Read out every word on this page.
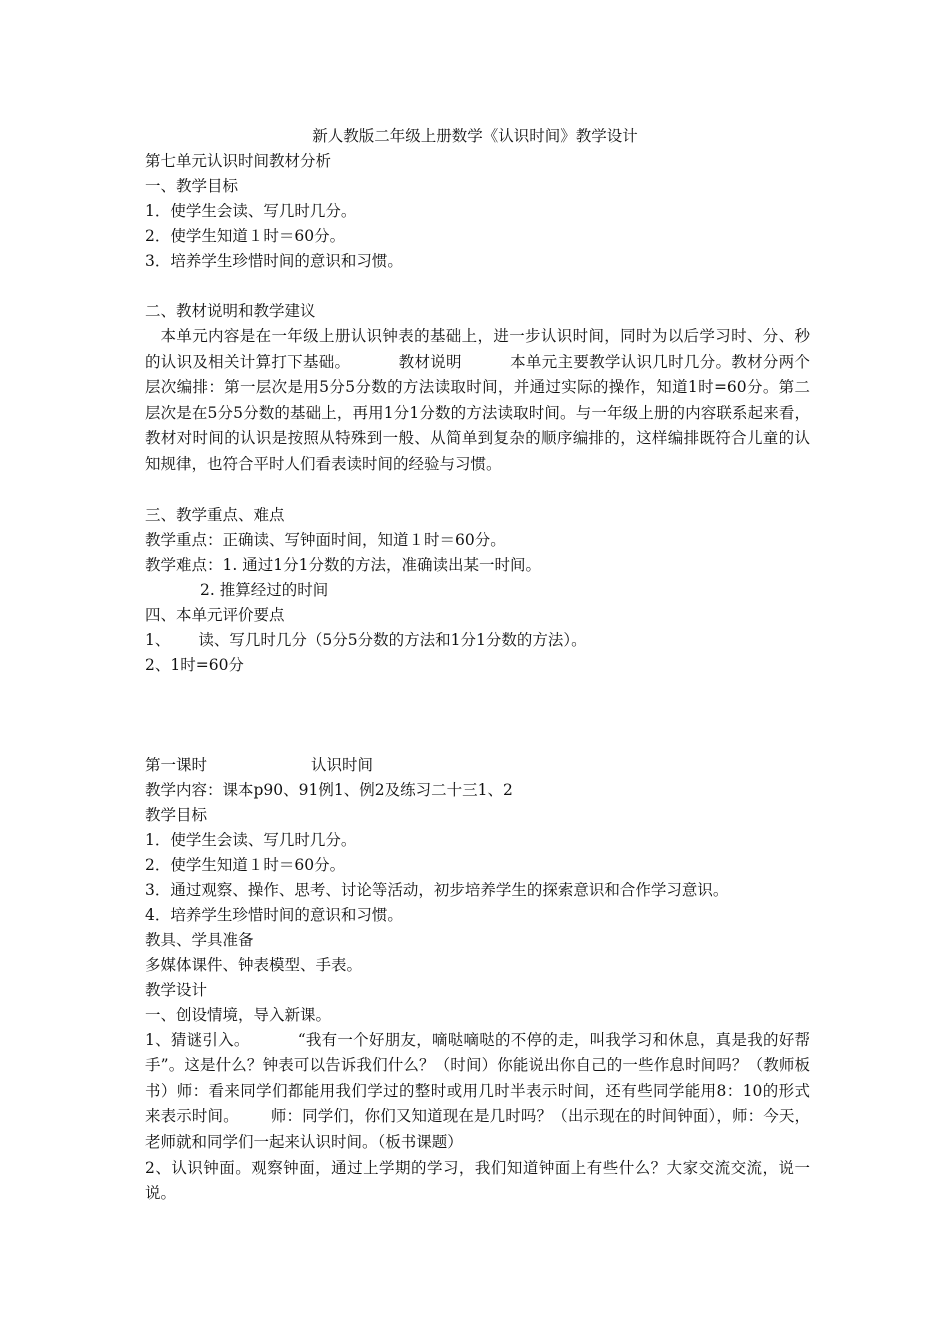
新人教版二年级上册数学《认识时间》教学设计
第七单元认识时间教材分析
一、教学目标
1．使学生会读、写几时几分。
2．使学生知道１时＝60分。
3．培养学生珍惜时间的意识和习惯。
二、教材说明和教学建议
本单元内容是在一年级上册认识钟表的基础上，进一步认识时间，同时为以后学习时、分、秒的认识及相关计算打下基础。	教材说明	本单元主要教学认识几时几分。教材分两个层次编排：第一层次是用5分5分数的方法读取时间，并通过实际的操作，知道1时=60分。第二层次是在5分5分数的基础上，再用1分1分数的方法读取时间。与一年级上册的内容联系起来看，教材对时间的认识是按照从特殊到一般、从简单到复杂的顺序编排的，这样编排既符合儿童的认知规律，也符合平时人们看表读时间的经验与习惯。
三、教学重点、难点
教学重点：正确读、写钟面时间，知道１时＝60分。
教学难点：1. 通过1分1分数的方法，准确读出某一时间。
2. 推算经过的时间
四、本单元评价要点
1、 读、写几时几分（5分5分数的方法和1分1分数的方法）。
2、1时=60分
第一课时	认识时间
教学内容：课本p90、91例1、例2及练习二十三1、2
教学目标
1．使学生会读、写几时几分。
2．使学生知道１时＝60分。
3．通过观察、操作、思考、讨论等活动，初步培养学生的探索意识和合作学习意识。
4．培养学生珍惜时间的意识和习惯。
教具、学具准备
多媒体课件、钟表模型、手表。
教学设计
一、创设情境，导入新课。
1、猜谜引入。	“我有一个好朋友，嘀哒嘀哒的不停的走，叫我学习和休息，真是我的好帮手”。这是什么？钟表可以告诉我们什么？（时间）你能说出你自己的一些作息时间吗？（教师板书）师：看来同学们都能用我们学过的整时或用几时半表示时间，还有些同学能用8：10的形式来表示时间。 师：同学们，你们又知道现在是几时吗？（出示现在的时间钟面），师：今天，老师就和同学们一起来认识时间。（板书课题）
2、认识钟面。观察钟面，通过上学期的学习，我们知道钟面上有些什么？大家交流交流，说一说。
